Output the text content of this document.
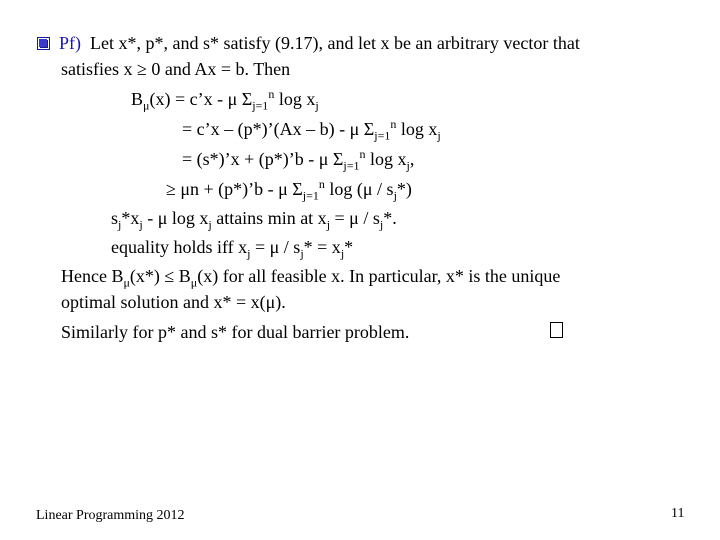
Pf) Let x*, p*, and s* satisfy (9.17), and let x be an arbitrary vector that
satisfies x ≥ 0 and Ax = b. Then
$B_\mu(x)$ = c’x - μ $\Sigma_{j=1}^n$ $\log x_j$
= c’x – (p*)’(Ax – b) - μ $\Sigma_{j=1}^n$ $\log x_j$
= (s*)’x + (p*)’b - μ $\Sigma_{j=1}^n$ $\log x_j$,
≥ μn + (p*)’b - μ $\Sigma_{j=1}^n$ $\log (\mu / s_j*)$
$s_j*x_j$ - μ $\log x_j$ attains min at $x_j = \mu / s_j*$.
equality holds iff $x_j = \mu / s_j* = x_j*$
Hence $B_\mu(x*) \le B_\mu(x)$ for all feasible x. In particular, x* is the unique
optimal solution and x* = x(μ).
Similarly for p* and s* for dual barrier problem.
Linear Programming 2012	11
